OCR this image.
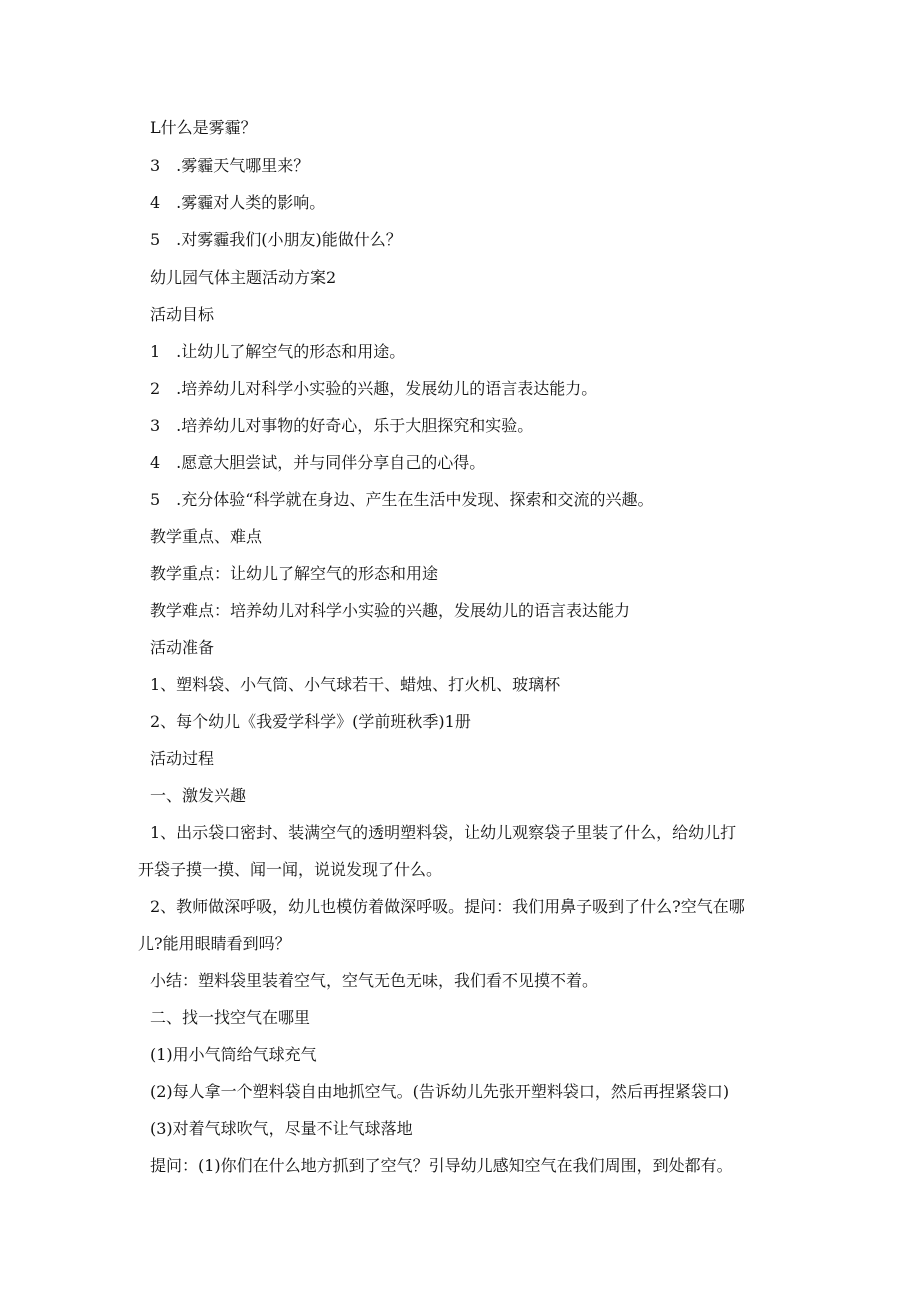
L什么是雾霾？
3　.雾霾天气哪里来？
4　.雾霾对人类的影响。
5　.对雾霾我们(小朋友)能做什么？
幼儿园气体主题活动方案2
活动目标
1　.让幼儿了解空气的形态和用途。
2　.培养幼儿对科学小实验的兴趣，发展幼儿的语言表达能力。
3　.培养幼儿对事物的好奇心，乐于大胆探究和实验。
4　.愿意大胆尝试，并与同伴分享自己的心得。
5　.充分体验“科学就在身边、产生在生活中发现、探索和交流的兴趣。
教学重点、难点
教学重点：让幼儿了解空气的形态和用途
教学难点：培养幼儿对科学小实验的兴趣，发展幼儿的语言表达能力
活动准备
1、塑料袋、小气筒、小气球若干、蜡烛、打火机、玻璃杯
2、每个幼儿《我爱学科学》(学前班秋季)1册
活动过程
一、激发兴趣
1、出示袋口密封、装满空气的透明塑料袋，让幼儿观察袋子里装了什么，给幼儿打
开袋子摸一摸、闻一闻，说说发现了什么。
2、教师做深呼吸，幼儿也模仿着做深呼吸。提问：我们用鼻子吸到了什么?空气在哪
儿?能用眼睛看到吗？
小结：塑料袋里装着空气，空气无色无味，我们看不见摸不着。
二、找一找空气在哪里
(1)用小气筒给气球充气
(2)每人拿一个塑料袋自由地抓空气。(告诉幼儿先张开塑料袋口，然后再捏紧袋口)
(3)对着气球吹气，尽量不让气球落地
提问：(1)你们在什么地方抓到了空气？引导幼儿感知空气在我们周围，到处都有。
